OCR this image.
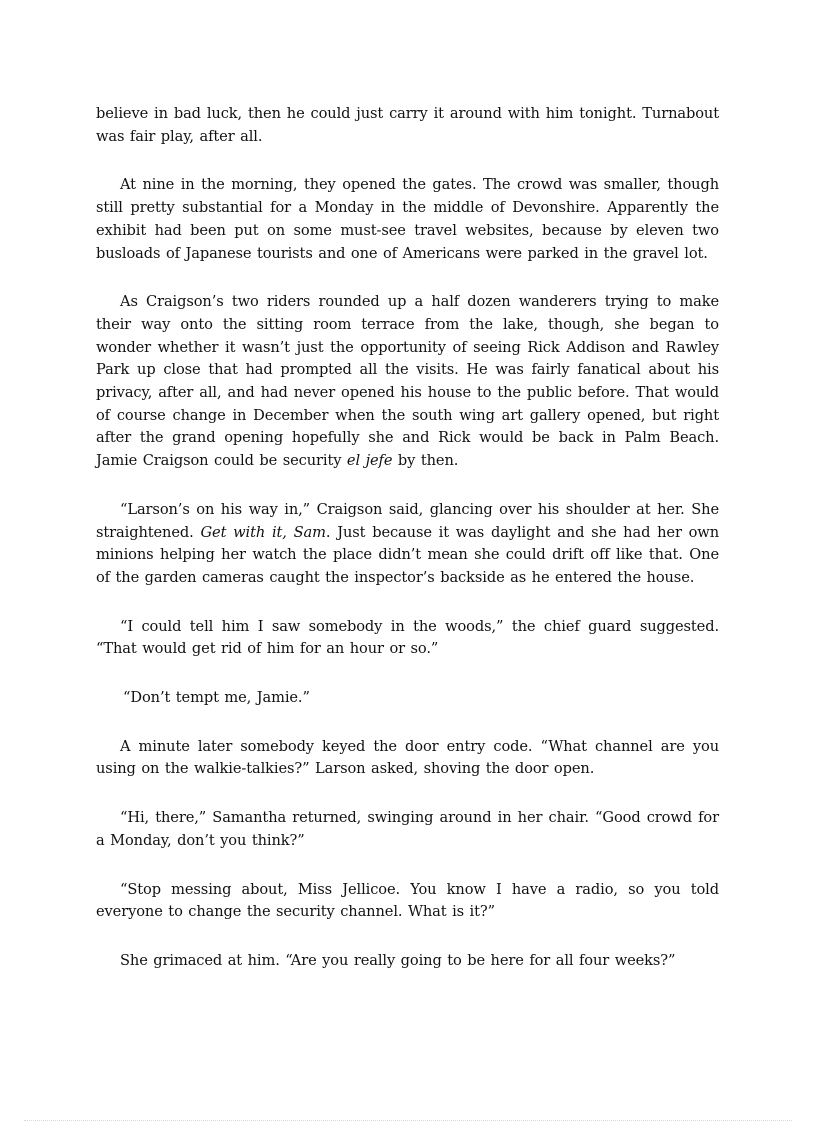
believe in bad luck, then he could just carry it around with him tonight. Turnabout was fair play, after all.

At nine in the morning, they opened the gates. The crowd was smaller, though still pretty substantial for a Monday in the middle of Devonshire. Apparently the exhibit had been put on some must-see travel websites, because by eleven two busloads of Japanese tourists and one of Americans were parked in the gravel lot.

As Craigson’s two riders rounded up a half dozen wanderers trying to make their way onto the sitting room terrace from the lake, though, she began to wonder whether it wasn’t just the opportunity of seeing Rick Addison and Rawley Park up close that had prompted all the visits. He was fairly fanatical about his privacy, after all, and had never opened his house to the public before. That would of course change in December when the south wing art gallery opened, but right after the grand opening hopefully she and Rick would be back in Palm Beach. Jamie Craigson could be security el jefe by then.

“Larson’s on his way in,” Craigson said, glancing over his shoulder at her. She straightened. Get with it, Sam. Just because it was daylight and she had her own minions helping her watch the place didn’t mean she could drift off like that. One of the garden cameras caught the inspector’s backside as he entered the house.

“I could tell him I saw somebody in the woods,” the chief guard suggested. “That would get rid of him for an hour or so.”

“Don’t tempt me, Jamie.”

A minute later somebody keyed the door entry code. “What channel are you using on the walkie-talkies?” Larson asked, shoving the door open.

“Hi, there,” Samantha returned, swinging around in her chair. “Good crowd for a Monday, don’t you think?”

“Stop messing about, Miss Jellicoe. You know I have a radio, so you told everyone to change the security channel. What is it?”

She grimaced at him. “Are you really going to be here for all four weeks?”
